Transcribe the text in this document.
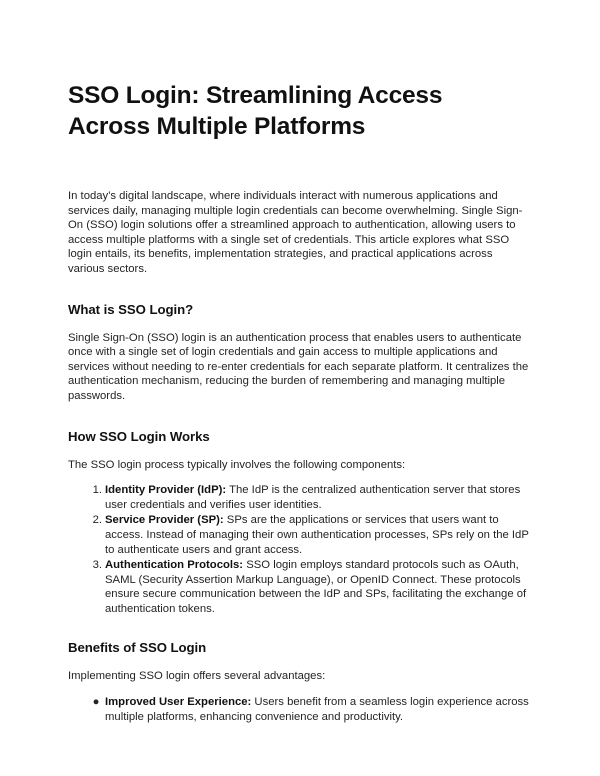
SSO Login: Streamlining Access Across Multiple Platforms

In today's digital landscape, where individuals interact with numerous applications and services daily, managing multiple login credentials can become overwhelming. Single Sign-On (SSO) login solutions offer a streamlined approach to authentication, allowing users to access multiple platforms with a single set of credentials. This article explores what SSO login entails, its benefits, implementation strategies, and practical applications across various sectors.

What is SSO Login?

Single Sign-On (SSO) login is an authentication process that enables users to authenticate once with a single set of login credentials and gain access to multiple applications and services without needing to re-enter credentials for each separate platform. It centralizes the authentication mechanism, reducing the burden of remembering and managing multiple passwords.

How SSO Login Works

The SSO login process typically involves the following components:

1. Identity Provider (IdP): The IdP is the centralized authentication server that stores user credentials and verifies user identities.
2. Service Provider (SP): SPs are the applications or services that users want to access. Instead of managing their own authentication processes, SPs rely on the IdP to authenticate users and grant access.
3. Authentication Protocols: SSO login employs standard protocols such as OAuth, SAML (Security Assertion Markup Language), or OpenID Connect. These protocols ensure secure communication between the IdP and SPs, facilitating the exchange of authentication tokens.
Benefits of SSO Login

Implementing SSO login offers several advantages:

● Improved User Experience: Users benefit from a seamless login experience across multiple platforms, enhancing convenience and productivity.
